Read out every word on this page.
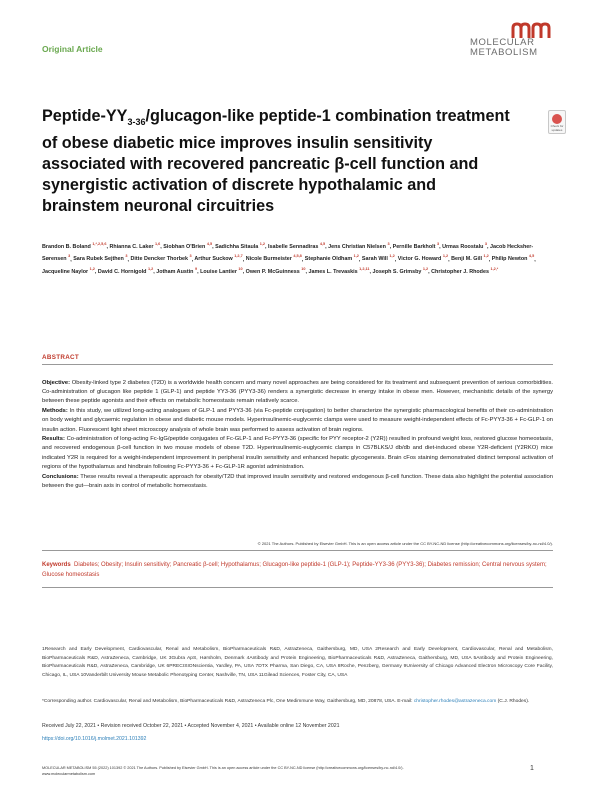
Original Article
MOLECULAR
METABOLISM
Check for updates
Peptide-$YY_{3-36}/glucagon$-like peptide-1 combination treatment of obese diabetic mice improves insulin sensitivity associated with recovered pancreatic β-cell function and synergistic activation of discrete hypothalamic and brainstem neuronal circuitries
Brandon B. Boland $^{1,*,2,5,6}$, Rhianna C. Laker $^{1,6}$, Siobhan O'Brien $^{4,5}$, Sadichha Sitaula $^{1,2}$, Isabelle Sennadiras $^{4,5}$, Jens Christian Nielsen $^3$, Pernille Barkholt $^3$, Urmas Roostalu $^3$, Jacob Hecksher-Sørensen $^3$, Sara Rubek Sejthen $^3$, Ditte Dencker Thorbek $^3$, Arthur Suckow $^{1,2,7}$, Nicole Burmeister $^{4,5,8}$, Stephanie Oldham $^{1,2}$, Sarah Will $^{1,2}$, Victor G. Howard $^{1,2}$, Benji M. Gill $^{1,2}$, Philip Newton $^{4,5}$, Jacqueline Naylor $^{1,2}$, David C. Hornigold $^{1,2}$, Jotham Austin $^9$, Louise Lantier $^{10}$, Owen P. McGuinness $^{10}$, James L. Trevaskis $^{1,2,11}$, Joseph S. Grimsby $^{1,2}$, Christopher J. Rhodes $^{1,2,*}$
ABSTRACT

Objective: Obesity-linked type 2 diabetes (T2D) is a worldwide health concern and many novel approaches are being considered for its treatment and subsequent prevention of serious comorbidities. Co-administration of glucagon like peptide 1 (GLP-1) and peptide YY3-36 (PYY3-36) renders a synergistic decrease in energy intake in obese men. However, mechanistic details of the synergy between these peptide agonists and their effects on metabolic homeostasis remain relatively scarce.

Methods: In this study, we utilized long-acting analogues of GLP-1 and PYY3-36 (via Fc-peptide conjugation) to better characterize the synergistic pharmacological benefits of their co-administration on body weight and glycaemic regulation in obese and diabetic mouse models. Hyperinsulinemic-euglycemic clamps were used to measure weight-independent effects of Fc-PYY3-36 + Fc-GLP-1 on insulin action. Fluorescent light sheet microscopy analysis of whole brain was performed to assess activation of brain regions.

Results: Co-administration of long-acting Fc-IgG/peptide conjugates of Fc-GLP-1 and Fc-PYY3-36 (specific for PYY receptor-2 (Y2R)) resulted in profound weight loss, restored glucose homeostasis, and recovered endogenous β-cell function in two mouse models of obese T2D. Hyperinsulinemic-euglycemic clamps in C57BLKS/J db/db and diet-induced obese Y2R-deficient (Y2RKO) mice indicated Y2R is required for a weight-independent improvement in peripheral insulin sensitivity and enhanced hepatic glycogenesis. Brain cFos staining demonstrated distinct temporal activation of regions of the hypothalamus and hindbrain following Fc-PYY3-36 + Fc-GLP-1R agonist administration.

Conclusions: These results reveal a therapeutic approach for obesity/T2D that improved insulin sensitivity and restored endogenous β-cell function. These data also highlight the potential association between the gut—brain axis in control of metabolic homeostasis.

© 2021 The Authors. Published by Elsevier GmbH. This is an open access article under the CC BY-NC-ND license (http://creativecommons.org/licenses/by-nc-nd/4.0/).
Keywords Diabetes; Obesity; Insulin sensitivity; Pancreatic β-cell; Hypothalamus; Glucagon-like peptide-1 (GLP-1); Peptide-YY3-36 (PYY3-36); Diabetes remission; Central nervous system; Glucose homeostasis
1Research and Early Development, Cardiovascular, Renal and Metabolism, BioPharmaceuticals R&D, AstraZeneca, Gaithersburg, MD, USA 2Research and Early Development, Cardiovascular, Renal and Metabolism, BioPharmaceuticals R&D, AstraZeneca, Cambridge, UK 3Gubra ApS, Hørsholm, Denmark 4Antibody and Protein Engineering, BioPharmaceuticals R&D, AstraZeneca, Gaithersburg, MD, USA 5Antibody and Protein Engineering, BioPharmaceuticals R&D, AstraZeneca, Cambridge, UK 6PRECISIONscientia, Yardley, PA, USA 7DTX Pharma, San Diego, CA, USA 8Roche, Penzberg, Germany 9University of Chicago Advanced Electron Microscopy Core Facility, Chicago, IL, USA 10Vanderbilt University Mouse Metabolic Phenotyping Center, Nashville, TN, USA 11Gilead Sciences, Foster City, CA, USA
*Corresponding author. Cardiovascular, Renal and Metabolism, BioPharmaceuticals R&D, AstraZeneca Plc, One Medimmune Way, Gaithersburg, MD, 20878, USA. E-mail: christopher.rhodes@astrazeneca.com (C.J. Rhodes).
Received July 22, 2021 • Revision received October 22, 2021 • Accepted November 4, 2021 • Available online 12 November 2021
https://doi.org/10.1016/j.molmet.2021.101392
MOLECULAR METABOLISM 55 (2022) 101392 © 2021 The Authors. Published by Elsevier GmbH. This is an open access article under the CC BY-NC-ND license (http://creativecommons.org/licenses/by-nc-nd/4.0/).
www.molecularmetabolism.com
1
